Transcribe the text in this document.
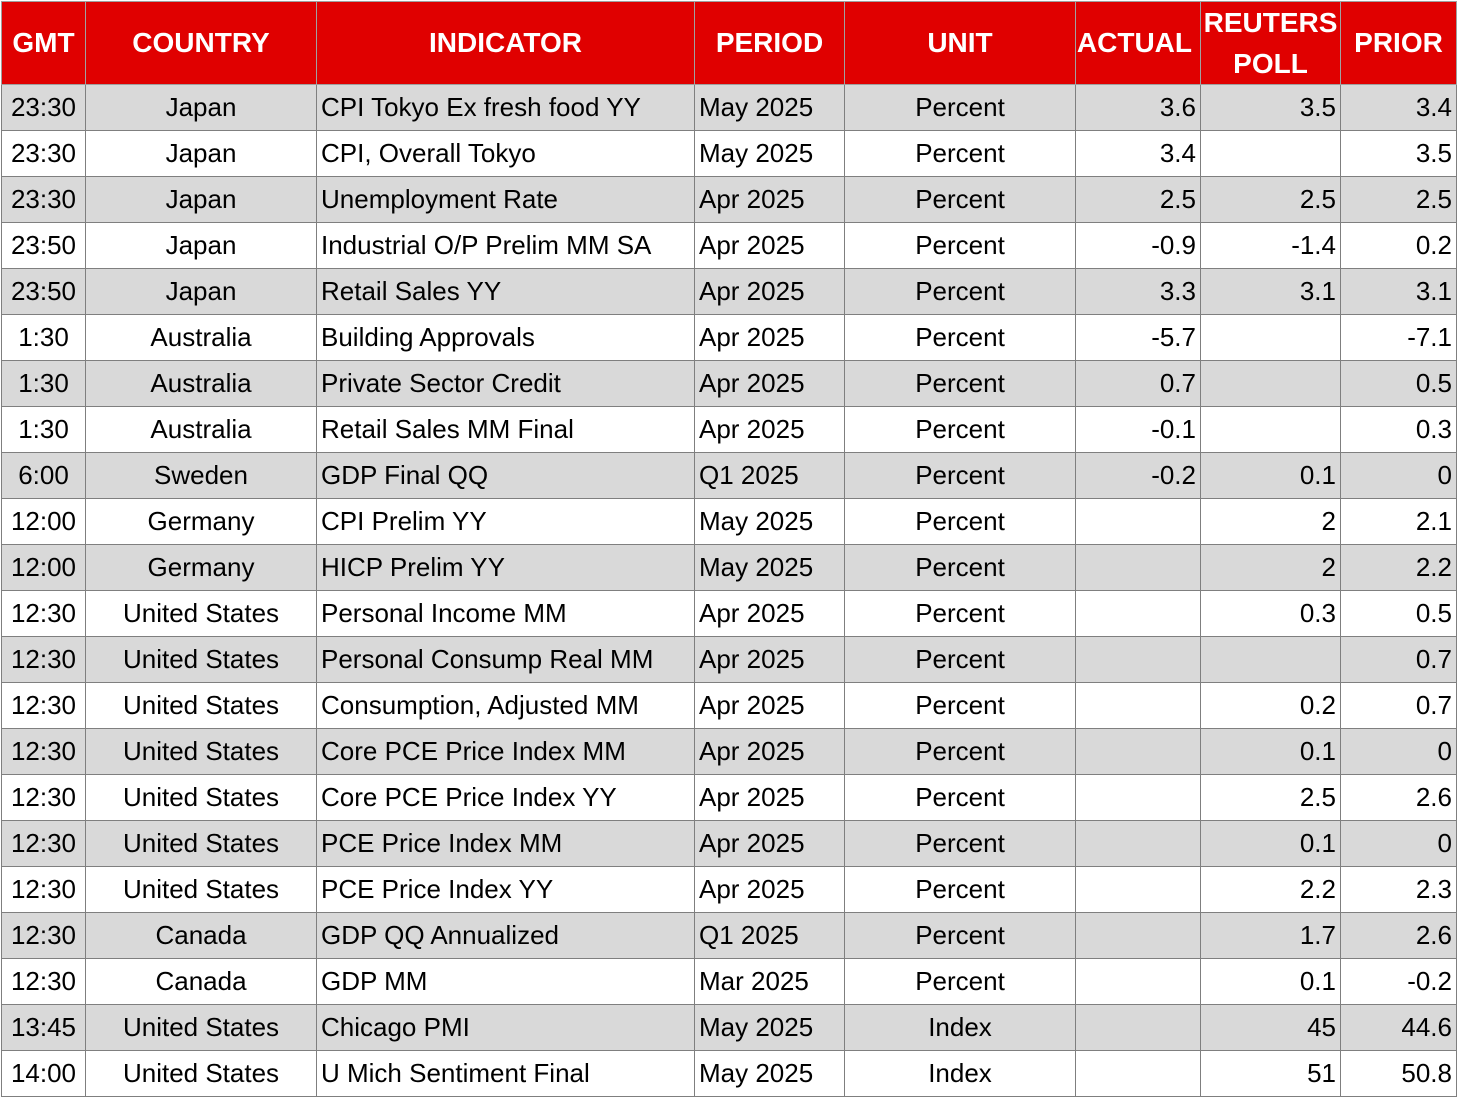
GMT	COUNTRY	INDICATOR	PERIOD	UNIT	ACTUAL	REUTERS POLL	PRIOR
23:30	Japan	CPI Tokyo Ex fresh food YY	May 2025	Percent	3.6	3.5	3.4
23:30	Japan	CPI, Overall Tokyo	May 2025	Percent	3.4		3.5
23:30	Japan	Unemployment Rate	Apr 2025	Percent	2.5	2.5	2.5
23:50	Japan	Industrial O/P Prelim MM SA	Apr 2025	Percent	-0.9	-1.4	0.2
23:50	Japan	Retail Sales YY	Apr 2025	Percent	3.3	3.1	3.1
1:30	Australia	Building Approvals	Apr 2025	Percent	-5.7		-7.1
1:30	Australia	Private Sector Credit	Apr 2025	Percent	0.7		0.5
1:30	Australia	Retail Sales MM Final	Apr 2025	Percent	-0.1		0.3
6:00	Sweden	GDP Final QQ	Q1 2025	Percent	-0.2	0.1	0
12:00	Germany	CPI Prelim YY	May 2025	Percent		2	2.1
12:00	Germany	HICP Prelim YY	May 2025	Percent		2	2.2
12:30	United States	Personal Income MM	Apr 2025	Percent		0.3	0.5
12:30	United States	Personal Consump Real MM	Apr 2025	Percent			0.7
12:30	United States	Consumption, Adjusted MM	Apr 2025	Percent		0.2	0.7
12:30	United States	Core PCE Price Index MM	Apr 2025	Percent		0.1	0
12:30	United States	Core PCE Price Index YY	Apr 2025	Percent		2.5	2.6
12:30	United States	PCE Price Index MM	Apr 2025	Percent		0.1	0
12:30	United States	PCE Price Index YY	Apr 2025	Percent		2.2	2.3
12:30	Canada	GDP QQ Annualized	Q1 2025	Percent		1.7	2.6
12:30	Canada	GDP MM	Mar 2025	Percent		0.1	-0.2
13:45	United States	Chicago PMI	May 2025	Index		45	44.6
14:00	United States	U Mich Sentiment Final	May 2025	Index		51	50.8
